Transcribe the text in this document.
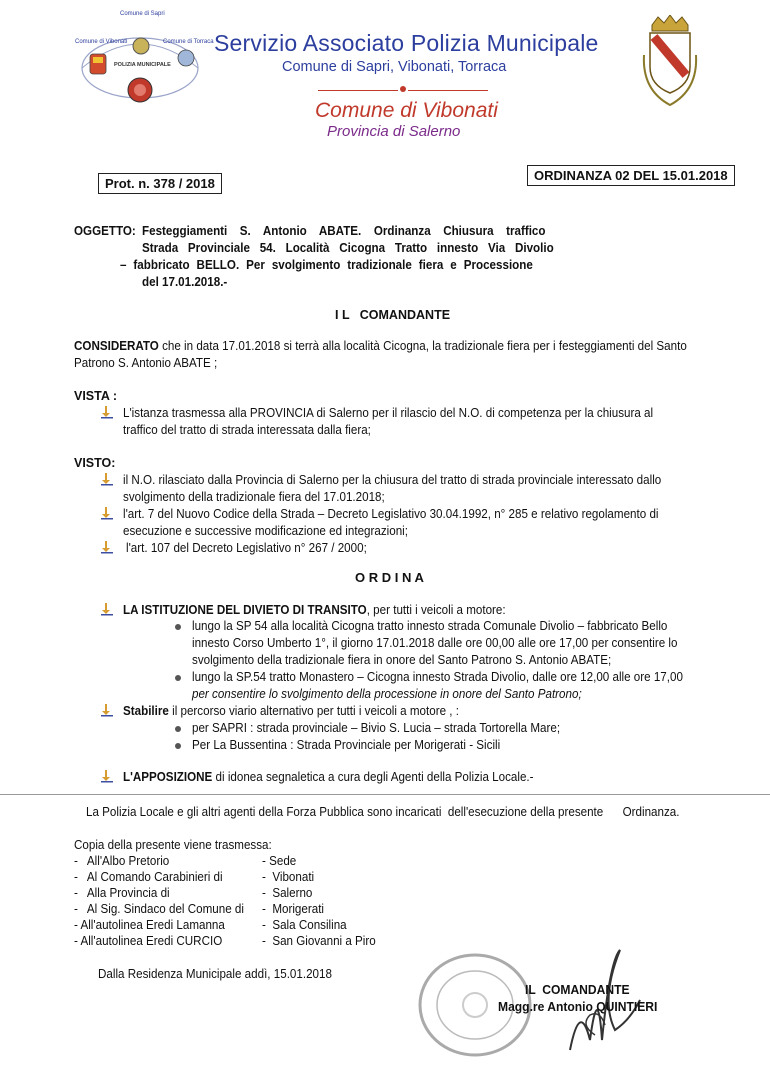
Comune di Sapri
Comune di Vibonati	Comune di Torraca
POLIZIA MUNICIPALE
Servizio Associato Polizia Municipale
Comune di Sapri, Vibonati, Torraca
Comune di Vibonati
Provincia di Salerno
Prot. n. 378 / 2018
ORDINANZA 02 DEL 15.01.2018
OGGETTO: Festeggiamenti S. Antonio ABATE. Ordinanza Chiusura traffico
Strada Provinciale 54. Località Cicogna Tratto innesto Via Divolio
– fabbricato BELLO. Per svolgimento tradizionale fiera e Processione
del 17.01.2018.-
I L   COMANDANTE
CONSIDERATO che in data 17.01.2018 si terrà alla località Cicogna, la tradizionale fiera per i festeggiamenti del Santo
Patrono S. Antonio ABATE ;
VISTA :
L'istanza trasmessa alla PROVINCIA di Salerno per il rilascio del N.O. di competenza per la chiusura al
traffico del tratto di strada interessata dalla fiera;
VISTO:
il N.O. rilasciato dalla Provincia di Salerno per la chiusura del tratto di strada provinciale interessato dallo
svolgimento della tradizionale fiera del 17.01.2018;
l'art. 7 del Nuovo Codice della Strada – Decreto Legislativo 30.04.1992, n° 285 e relativo regolamento di
esecuzione e successive modificazione ed integrazioni;
l'art. 107 del Decreto Legislativo n° 267 / 2000;
O R D I N A
LA ISTITUZIONE DEL DIVIETO DI TRANSITO, per tutti i veicoli a motore:
lungo la SP 54 alla località Cicogna tratto innesto strada Comunale Divolio – fabbricato Bello
innesto Corso Umberto 1°, il giorno 17.01.2018 dalle ore 00,00 alle ore 17,00 per consentire lo
svolgimento della tradizionale fiera in onore del Santo Patrono S. Antonio ABATE;
lungo la SP.54 tratto Monastero – Cicogna innesto Strada Divolio, dalle ore 12,00 alle ore 17,00
per consentire lo svolgimento della processione in onore del Santo Patrono;
Stabilire il percorso viario alternativo per tutti i veicoli a motore , :
per SAPRI : strada provinciale – Bivio S. Lucia – strada Tortorella Mare;
Per La Bussentina : Strada Provinciale per Morigerati - Sicili
L'APPOSIZIONE di idonea segnaletica a cura degli Agenti della Polizia Locale.-
La Polizia Locale e gli altri agenti della Forza Pubblica sono incaricati  dell'esecuzione della presente      Ordinanza.
Copia della presente viene trasmessa:
-   All'Albo Pretorio	- Sede
-   Al Comando Carabinieri di	-  Vibonati
-   Alla Provincia di	-  Salerno
-   Al Sig. Sindaco del Comune di -  Morigerati
- All'autolinea Eredi Lamanna	-  Sala Consilina
- All'autolinea Eredi CURCIO	-  San Giovanni a Piro
Dalla Residenza Municipale addì, 15.01.2018
IL  COMANDANTE
Magg.re Antonio QUINTIERI
